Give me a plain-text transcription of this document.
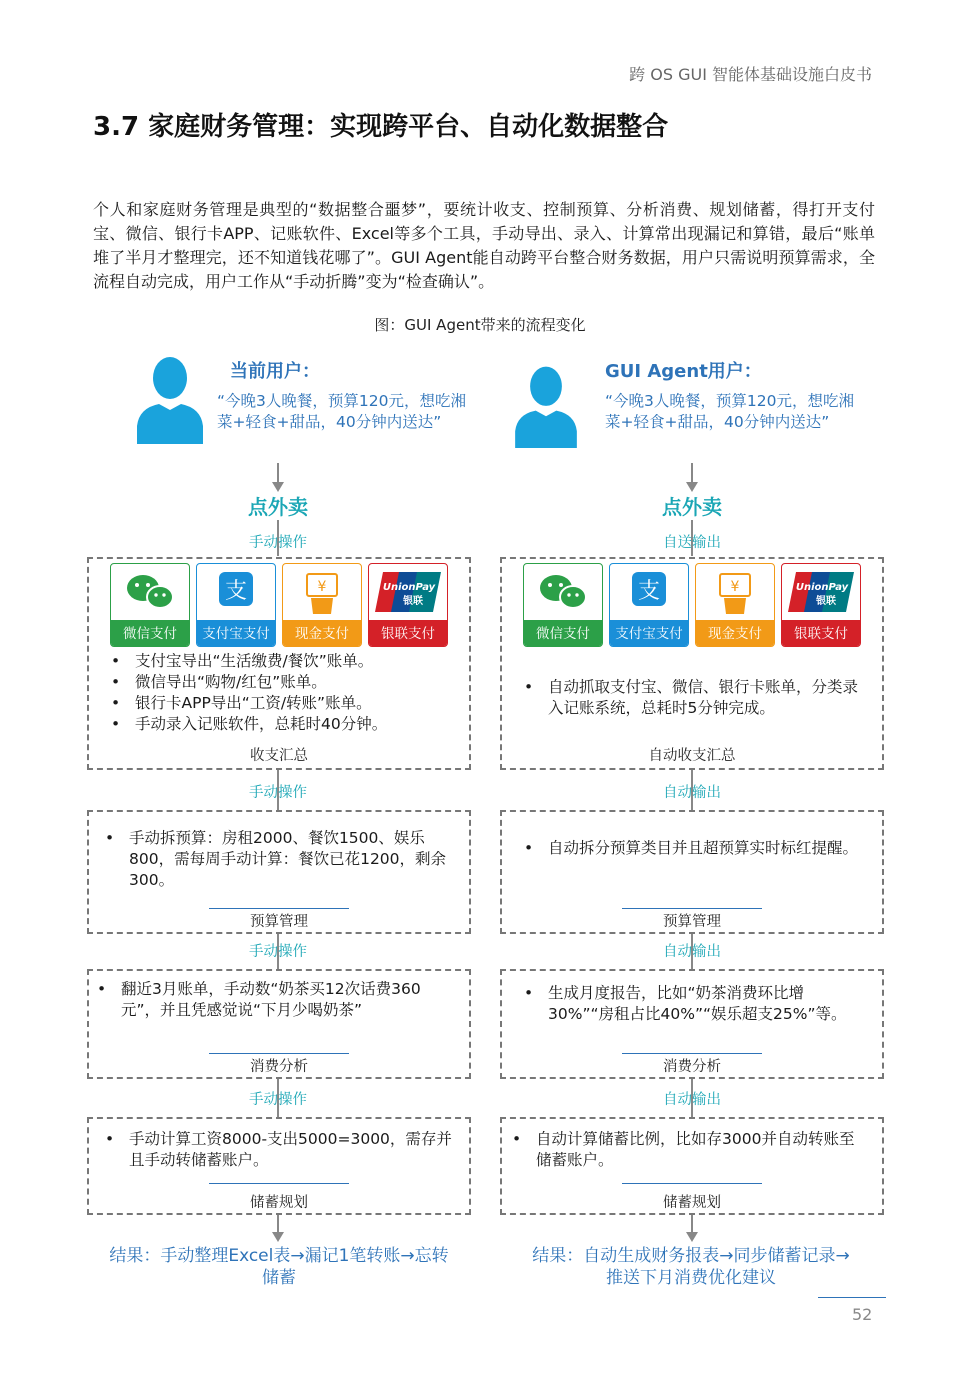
跨 OS GUI 智能体基础设施白皮书
3.7 家庭财务管理：实现跨平台、自动化数据整合
个人和家庭财务管理是典型的“数据整合噩梦”，要统计收支、控制预算、分析消费、规划储蓄，得打开支付宝、微信、银行卡APP、记账软件、Excel等多个工具，手动导出、录入、计算常出现漏记和算错，最后“账单堆了半月才整理完，还不知道钱花哪了”。GUI Agent能自动跨平台整合财务数据，用户只需说明预算需求，全流程自动完成，用户工作从“手动折腾”变为“检查确认”。
图：GUI Agent带来的流程变化
当前用户：
“今晚3人晚餐，预算120元，想吃湘菜+轻食+甜品，40分钟内送达”
点外卖
手动操作
微信支付
支
支付宝支付
¥
现金支付
UnionPay
银联
银联支付
• 支付宝导出“生活缴费/餐饮”账单。
• 微信导出“购物/红包”账单。
• 银行卡APP导出“工资/转账”账单。
• 手动录入记账软件，总耗时40分钟。
收支汇总
手动操作
• 手动拆预算：房租2000、餐饮1500、娱乐800，需每周手动计算：餐饮已花1200，剩余300。
预算管理
手动操作
• 翻近3月账单，手动数“奶茶买12次话费360元”，并且凭感觉说“下月少喝奶茶”
消费分析
手动操作
• 手动计算工资8000-支出5000=3000，需存并且手动转储蓄账户。
储蓄规划
结果：手动整理Excel表→漏记1笔转账→忘转储蓄
GUI Agent用户：
“今晚3人晚餐，预算120元，想吃湘菜+轻食+甜品，40分钟内送达”
点外卖
自送输出
微信支付
支
支付宝支付
¥
现金支付
UnionPay
银联
银联支付
• 自动抓取支付宝、微信、银行卡账单，分类录入记账系统，总耗时5分钟完成。
自动收支汇总
自动输出
• 自动拆分预算类目并且超预算实时标红提醒。
预算管理
自动输出
• 生成月度报告，比如“奶茶消费环比增30%”“房租占比40%”“娱乐超支25%”等。
消费分析
自动输出
• 自动计算储蓄比例，比如存3000并自动转账至储蓄账户。
储蓄规划
结果：自动生成财务报表→同步储蓄记录→推送下月消费优化建议
52
